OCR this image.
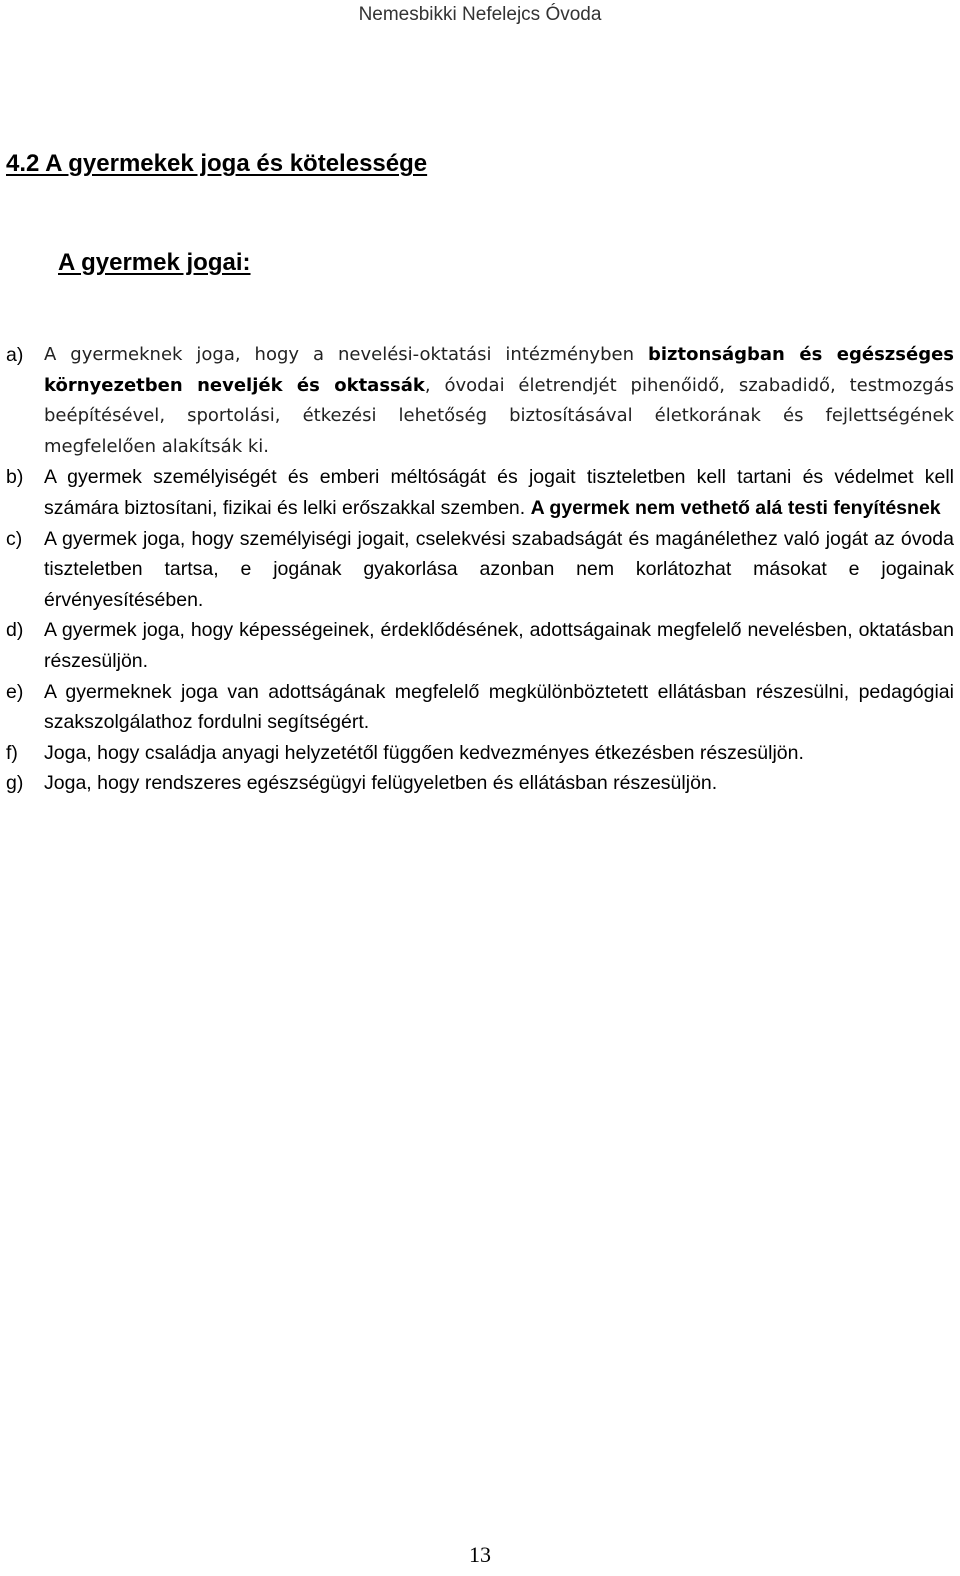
Nemesbikki Nefelejcs Óvoda
4.2 A gyermekek joga és kötelessége
A gyermek jogai:
a)	A gyermeknek joga, hogy a nevelési-oktatási intézményben biztonságban és egészséges környezetben neveljék és oktassák, óvodai életrendjét pihenőidő, szabadidő, testmozgás beépítésével, sportolási, étkezési lehetőség biztosításával életkorának és fejlettségének megfelelően alakítsák ki.
b)	A gyermek személyiségét és emberi méltóságát és jogait tiszteletben kell tartani és védelmet kell számára biztosítani, fizikai és lelki erőszakkal szemben. A gyermek nem vethető alá testi fenyítésnek
c)	A gyermek joga, hogy személyiségi jogait, cselekvési szabadságát és magánélethez való jogát az óvoda tiszteletben tartsa, e jogának gyakorlása azonban nem korlátozhat másokat e jogainak érvényesítésében.
d)	A gyermek joga, hogy képességeinek, érdeklődésének, adottságainak megfelelő nevelésben, oktatásban részesüljön.
e)	A gyermeknek joga van adottságának megfelelő megkülönböztetett ellátásban részesülni, pedagógiai szakszolgálathoz fordulni segítségért.
f)	Joga, hogy családja anyagi helyzetétől függően kedvezményes étkezésben részesüljön.
g)	Joga, hogy rendszeres egészségügyi felügyeletben és ellátásban részesüljön.
13
